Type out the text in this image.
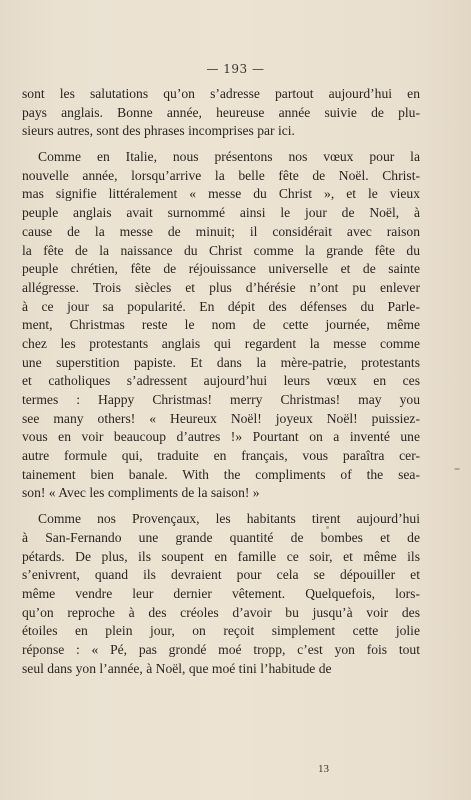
— 193 —
sont les salutations qu’on s’adresse partout aujourd’hui en
pays anglais. Bonne année, heureuse année suivie de plu-
sieurs autres, sont des phrases incomprises par ici.
Comme en Italie, nous présentons nos vœux pour la
nouvelle année, lorsqu’arrive la belle fête de Noël. Christ-
mas signifie littéralement « messe du Christ », et le vieux
peuple anglais avait surnommé ainsi le jour de Noël, à
cause de la messe de minuit; il considérait avec raison
la fête de la naissance du Christ comme la grande fête du
peuple chrétien, fête de réjouissance universelle et de sainte
allégresse. Trois siècles et plus d’hérésie n’ont pu enlever
à ce jour sa popularité. En dépit des défenses du Parle-
ment, Christmas reste le nom de cette journée, même
chez les protestants anglais qui regardent la messe comme
une superstition papiste. Et dans la mère-patrie, protestants
et catholiques s’adressent aujourd’hui leurs vœux en ces
termes : Happy Christmas! merry Christmas! may you
see many others! « Heureux Noël! joyeux Noël! puissiez-
vous en voir beaucoup d’autres !» Pourtant on a inventé une
autre formule qui, traduite en français, vous paraîtra cer-
tainement bien banale. With the compliments of the sea-
son! « Avec les compliments de la saison! »
Comme nos Provençaux, les habitants tirent aujourd’hui
à San-Fernando une grande quantité de bombes et de
pétards. De plus, ils soupent en famille ce soir, et même ils
s’enivrent, quand ils devraient pour cela se dépouiller et
même vendre leur dernier vêtement. Quelquefois, lors-
qu’on reproche à des créoles d’avoir bu jusqu’à voir des
étoiles en plein jour, on reçoit simplement cette jolie
réponse : « Pé, pas grondé moé tropp, c’est yon fois tout
seul dans yon l’année, à Noël, que moé tini l’habitude de
13
